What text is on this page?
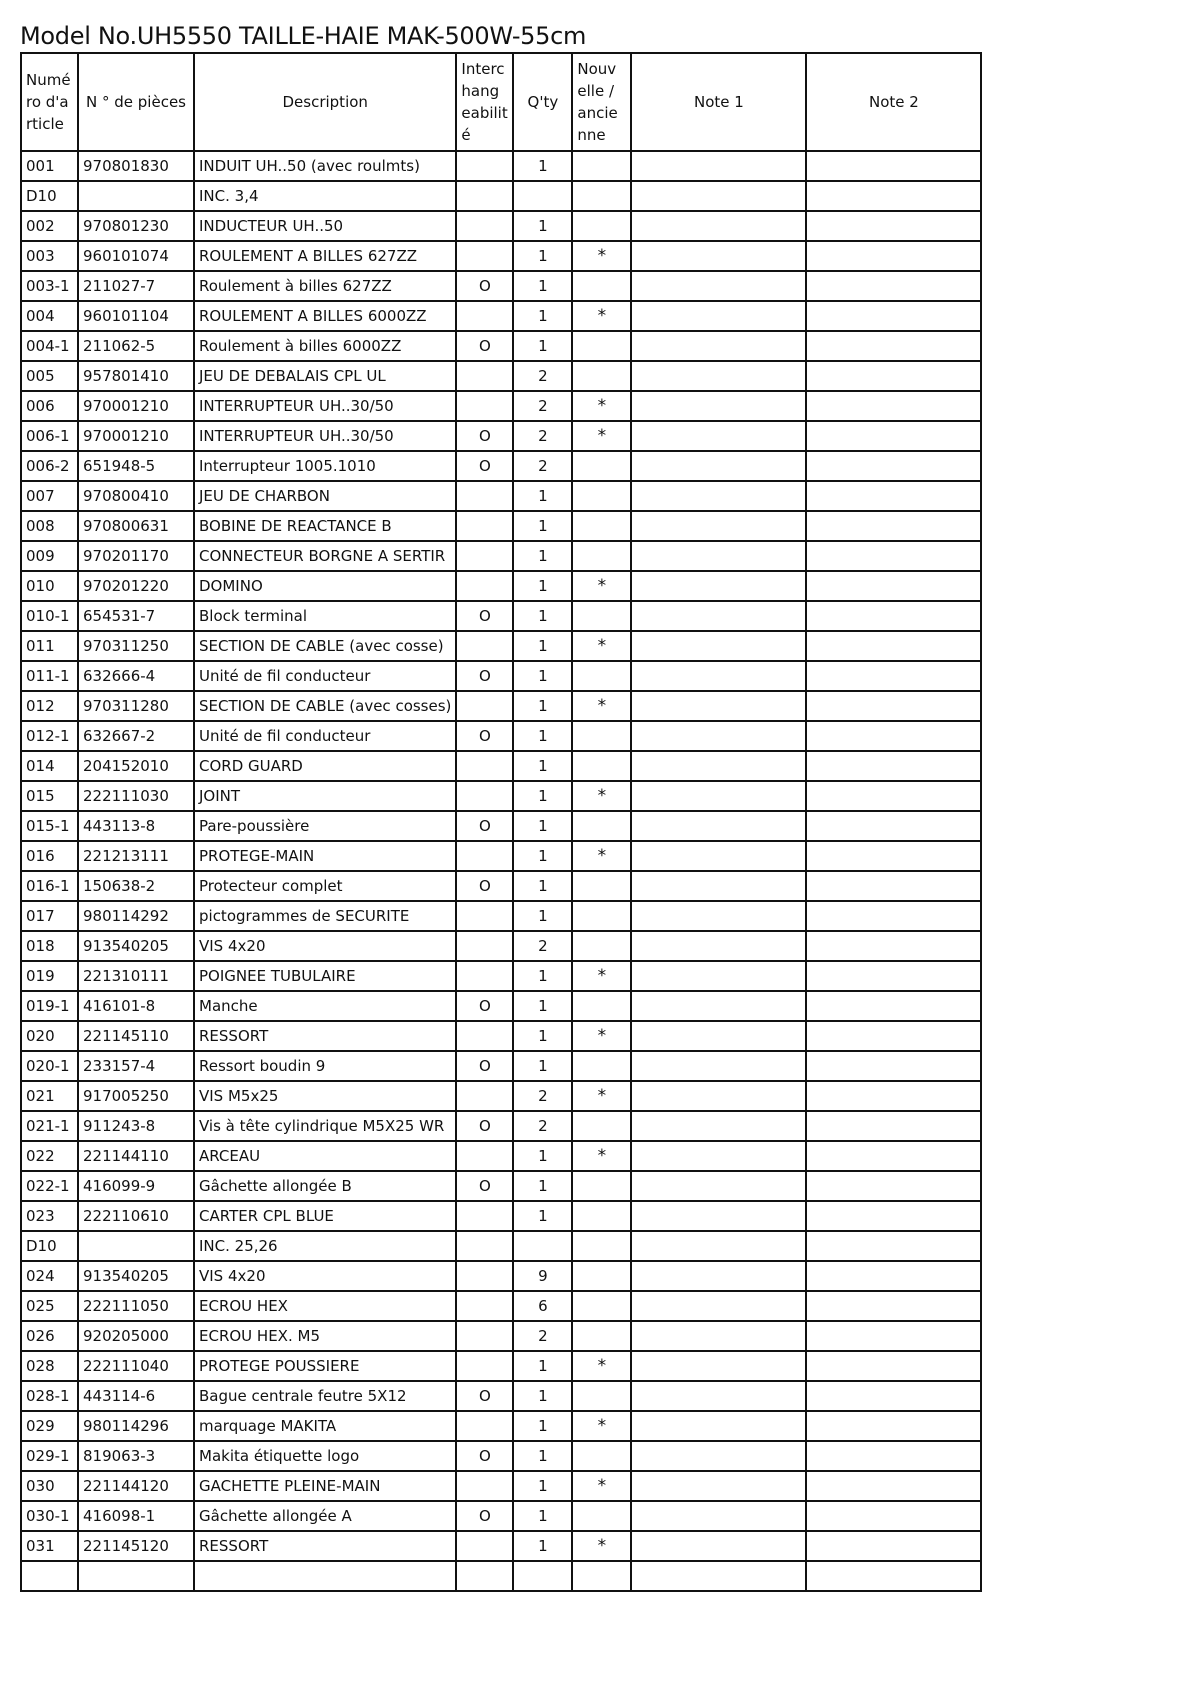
Model No.UH5550 TAILLE-HAIE MAK-500W-55cm
Numé ro d'a rticle	N ° de pièces	Description	Interc hang eabilit é	Q'ty	Nouv elle / ancie nne	Note 1	Note 2
001	970801830	INDUIT UH..50 (avec roulmts)		1			
D10		INC. 3,4					
002	970801230	INDUCTEUR UH..50		1			
003	960101074	ROULEMENT A BILLES 627ZZ		1	*		
003-1	211027-7	Roulement à billes 627ZZ	O	1			
004	960101104	ROULEMENT A BILLES 6000ZZ		1	*		
004-1	211062-5	Roulement à billes 6000ZZ	O	1			
005	957801410	JEU DE DEBALAIS CPL UL		2			
006	970001210	INTERRUPTEUR UH..30/50		2	*		
006-1	970001210	INTERRUPTEUR UH..30/50	O	2	*		
006-2	651948-5	Interrupteur 1005.1010	O	2			
007	970800410	JEU DE CHARBON		1			
008	970800631	BOBINE DE REACTANCE B		1			
009	970201170	CONNECTEUR BORGNE A SERTIR		1			
010	970201220	DOMINO		1	*		
010-1	654531-7	Block terminal	O	1			
011	970311250	SECTION DE CABLE (avec cosse)		1	*		
011-1	632666-4	Unité de fil conducteur	O	1			
012	970311280	SECTION DE CABLE (avec cosses)		1	*		
012-1	632667-2	Unité de fil conducteur	O	1			
014	204152010	CORD GUARD		1			
015	222111030	JOINT		1	*		
015-1	443113-8	Pare-poussière	O	1			
016	221213111	PROTEGE-MAIN		1	*		
016-1	150638-2	Protecteur complet	O	1			
017	980114292	pictogrammes de SECURITE		1			
018	913540205	VIS 4x20		2			
019	221310111	POIGNEE TUBULAIRE		1	*		
019-1	416101-8	Manche	O	1			
020	221145110	RESSORT		1	*		
020-1	233157-4	Ressort boudin 9	O	1			
021	917005250	VIS M5x25		2	*		
021-1	911243-8	Vis à tête cylindrique M5X25 WR	O	2			
022	221144110	ARCEAU		1	*		
022-1	416099-9	Gâchette allongée B	O	1			
023	222110610	CARTER CPL BLUE		1			
D10		INC. 25,26					
024	913540205	VIS 4x20		9			
025	222111050	ECROU HEX		6			
026	920205000	ECROU HEX. M5		2			
028	222111040	PROTEGE POUSSIERE		1	*		
028-1	443114-6	Bague centrale feutre 5X12	O	1			
029	980114296	marquage MAKITA		1	*		
029-1	819063-3	Makita étiquette logo	O	1			
030	221144120	GACHETTE PLEINE-MAIN		1	*		
030-1	416098-1	Gâchette allongée A	O	1			
031	221145120	RESSORT		1	*		
